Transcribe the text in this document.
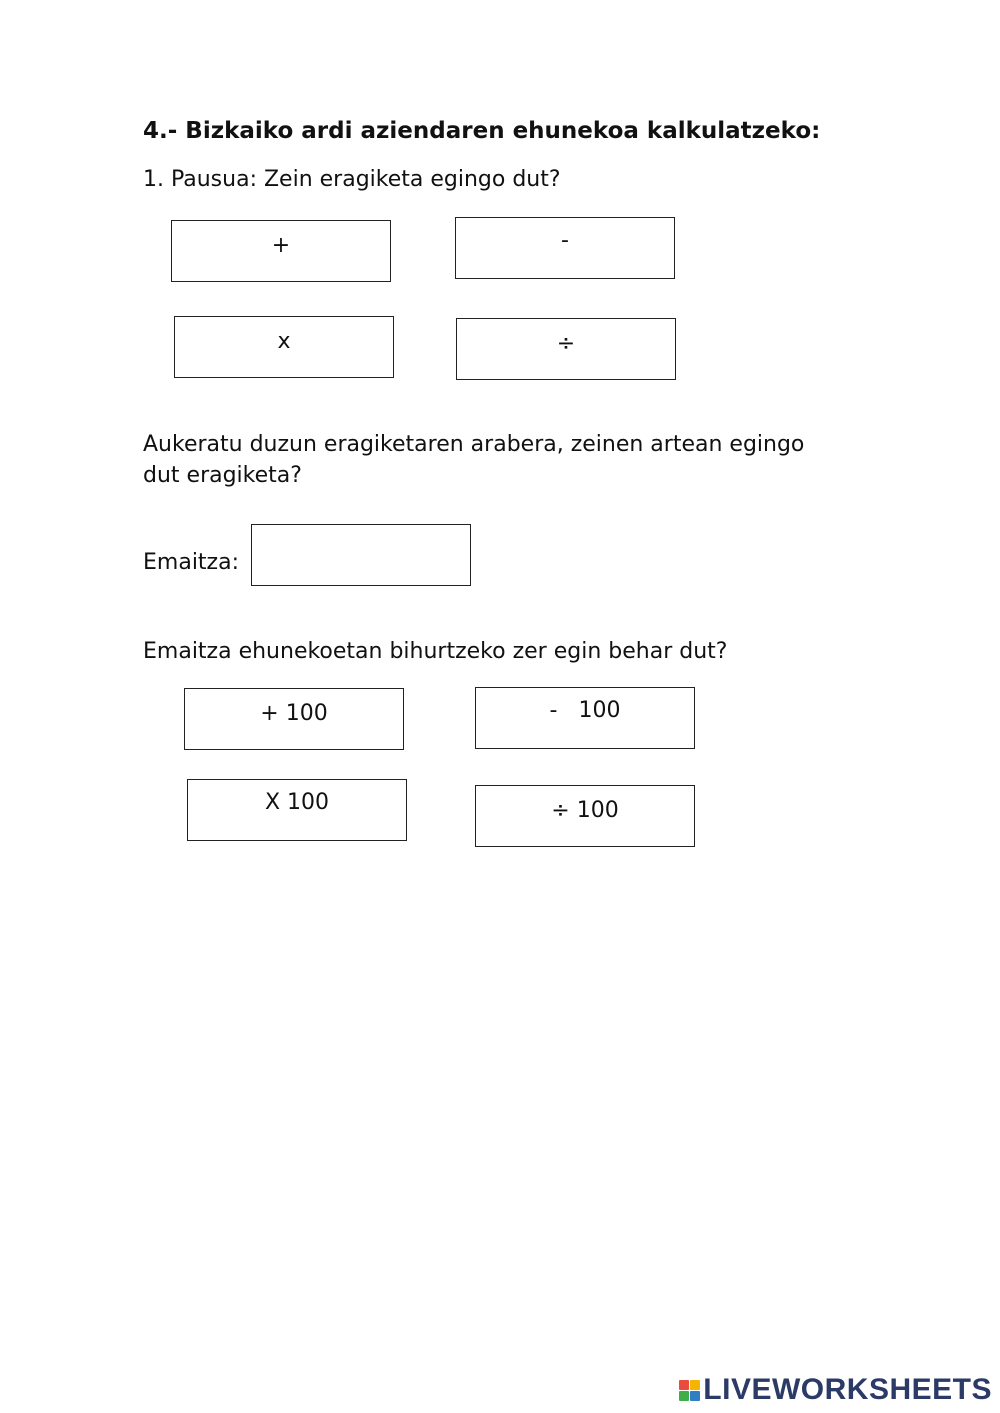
4.- Bizkaiko ardi aziendaren ehunekoa kalkulatzeko:
1. Pausua: Zein eragiketa egingo dut?
+	-
x	÷
Aukeratu duzun eragiketaren arabera, zeinen artean egingo
dut eragiketa?
Emaitza:
Emaitza ehunekoetan bihurtzeko zer egin behar dut?
+ 100	-   100
X 100	÷ 100
LIVEWORKSHEETS
